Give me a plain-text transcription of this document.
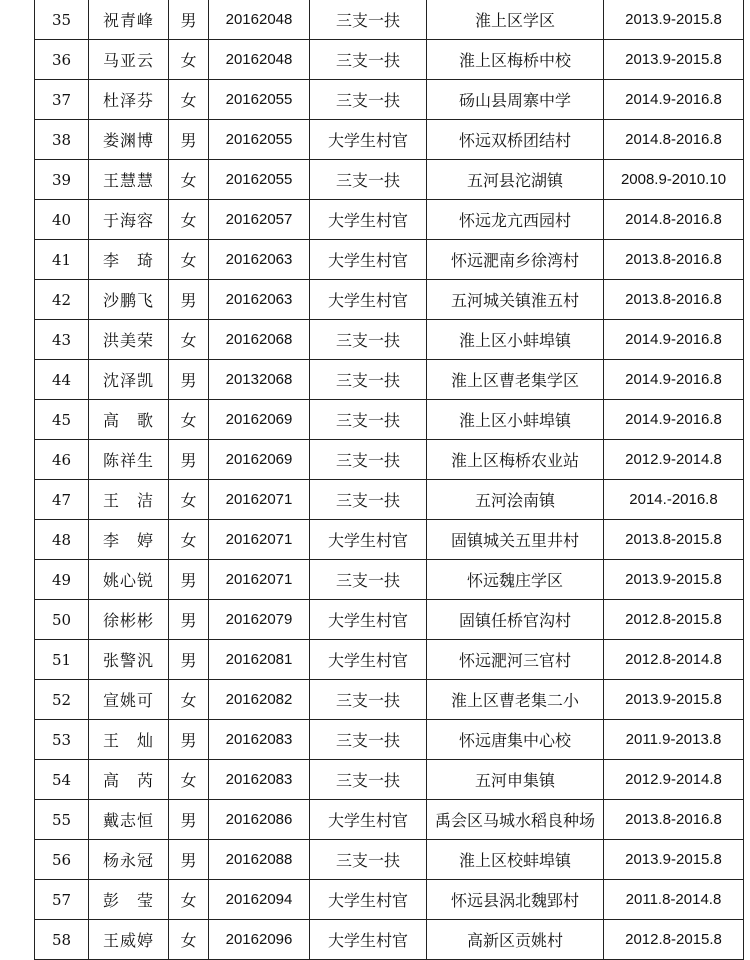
35	祝青峰	男	20162048	三支一扶	淮上区学区	2013.9-2015.8
36	马亚云	女	20162048	三支一扶	淮上区梅桥中校	2013.9-2015.8
37	杜泽芬	女	20162055	三支一扶	砀山县周寨中学	2014.9-2016.8
38	娄渊博	男	20162055	大学生村官	怀远双桥团结村	2014.8-2016.8
39	王慧慧	女	20162055	三支一扶	五河县沱湖镇	2008.9-2010.10
40	于海容	女	20162057	大学生村官	怀远龙亢西园村	2014.8-2016.8
41	李　琦	女	20162063	大学生村官	怀远淝南乡徐湾村	2013.8-2016.8
42	沙鹏飞	男	20162063	大学生村官	五河城关镇淮五村	2013.8-2016.8
43	洪美荣	女	20162068	三支一扶	淮上区小蚌埠镇	2014.9-2016.8
44	沈泽凯	男	20132068	三支一扶	淮上区曹老集学区	2014.9-2016.8
45	高　歌	女	20162069	三支一扶	淮上区小蚌埠镇	2014.9-2016.8
46	陈祥生	男	20162069	三支一扶	淮上区梅桥农业站	2012.9-2014.8
47	王　洁	女	20162071	三支一扶	五河浍南镇	2014.-2016.8
48	李　婷	女	20162071	大学生村官	固镇城关五里井村	2013.8-2015.8
49	姚心锐	男	20162071	三支一扶	怀远魏庄学区	2013.9-2015.8
50	徐彬彬	男	20162079	大学生村官	固镇任桥官沟村	2012.8-2015.8
51	张警汎	男	20162081	大学生村官	怀远淝河三官村	2012.8-2014.8
52	宣姚可	女	20162082	三支一扶	淮上区曹老集二小	2013.9-2015.8
53	王　灿	男	20162083	三支一扶	怀远唐集中心校	2011.9-2013.8
54	高　芮	女	20162083	三支一扶	五河申集镇	2012.9-2014.8
55	戴志恒	男	20162086	大学生村官	禹会区马城水稻良种场	2013.8-2016.8
56	杨永冠	男	20162088	三支一扶	淮上区校蚌埠镇	2013.9-2015.8
57	彭　莹	女	20162094	大学生村官	怀远县涡北魏郢村	2011.8-2014.8
58	王威婷	女	20162096	大学生村官	高新区贡姚村	2012.8-2015.8
